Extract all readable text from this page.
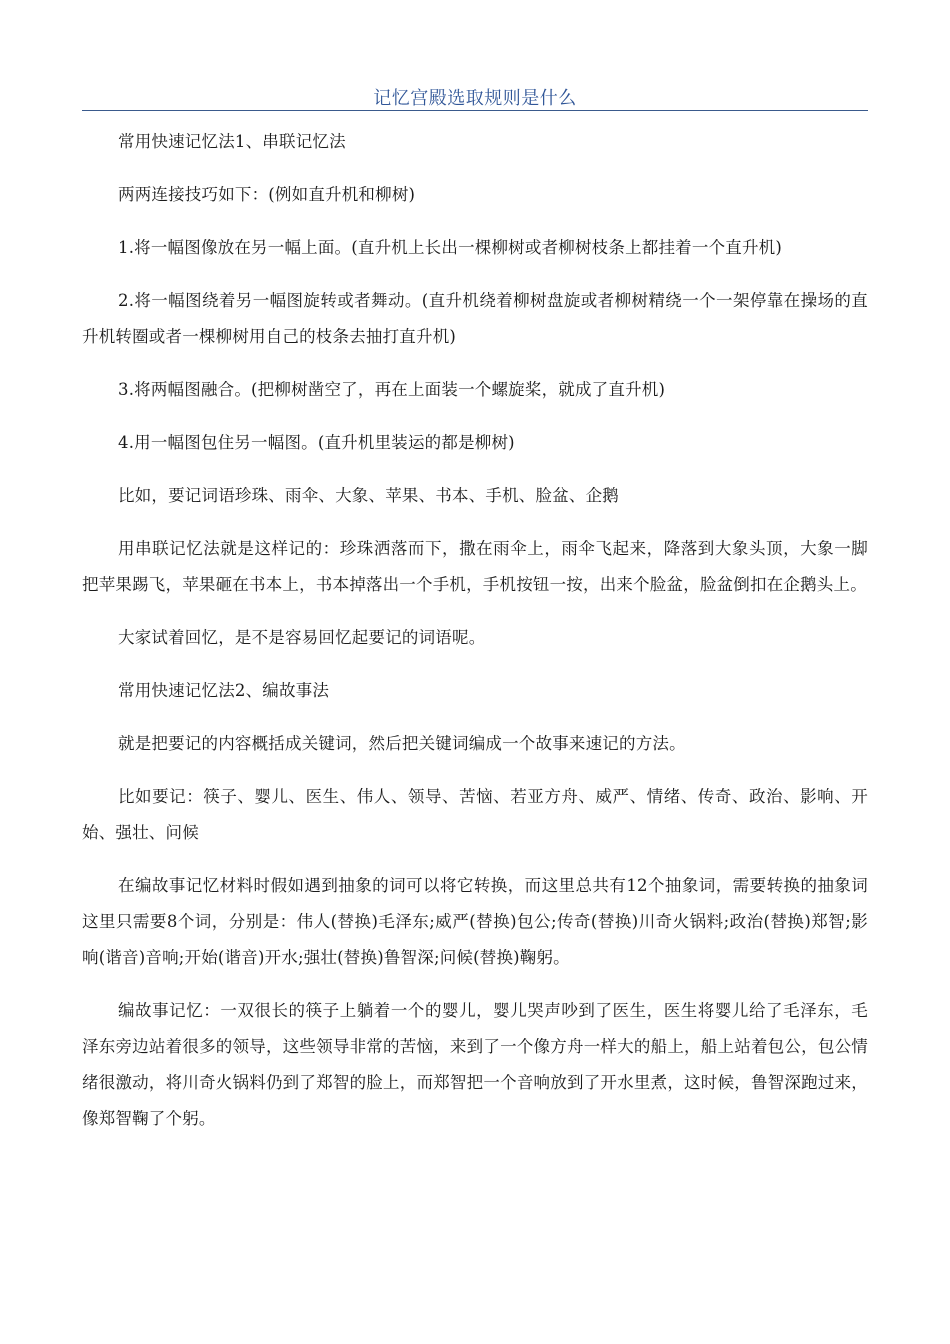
记忆宫殿选取规则是什么

常用快速记忆法1、串联记忆法

两两连接技巧如下：(例如直升机和柳树)

1.将一幅图像放在另一幅上面。(直升机上长出一棵柳树或者柳树枝条上都挂着一个直升机)

2.将一幅图绕着另一幅图旋转或者舞动。(直升机绕着柳树盘旋或者柳树精绕一个一架停靠在操场的直升机转圈或者一棵柳树用自己的枝条去抽打直升机)

3.将两幅图融合。(把柳树凿空了，再在上面装一个螺旋桨，就成了直升机)

4.用一幅图包住另一幅图。(直升机里装运的都是柳树)

比如，要记词语珍珠、雨伞、大象、苹果、书本、手机、脸盆、企鹅

用串联记忆法就是这样记的：珍珠洒落而下，撒在雨伞上，雨伞飞起来，降落到大象头顶，大象一脚把苹果踢飞，苹果砸在书本上，书本掉落出一个手机，手机按钮一按，出来个脸盆，脸盆倒扣在企鹅头上。

大家试着回忆，是不是容易回忆起要记的词语呢。

常用快速记忆法2、编故事法

就是把要记的内容概括成关键词，然后把关键词编成一个故事来速记的方法。

比如要记：筷子、婴儿、医生、伟人、领导、苦恼、若亚方舟、威严、情绪、传奇、政治、影响、开始、强壮、问候

在编故事记忆材料时假如遇到抽象的词可以将它转换，而这里总共有12个抽象词，需要转换的抽象词这里只需要8个词，分别是：伟人(替换)毛泽东;威严(替换)包公;传奇(替换)川奇火锅料;政治(替换)郑智;影响(谐音)音响;开始(谐音)开水;强壮(替换)鲁智深;问候(替换)鞠躬。

编故事记忆：一双很长的筷子上躺着一个的婴儿，婴儿哭声吵到了医生，医生将婴儿给了毛泽东，毛泽东旁边站着很多的领导，这些领导非常的苦恼，来到了一个像方舟一样大的船上，船上站着包公，包公情绪很激动，将川奇火锅料仍到了郑智的脸上，而郑智把一个音响放到了开水里煮，这时候，鲁智深跑过来，像郑智鞠了个躬。
